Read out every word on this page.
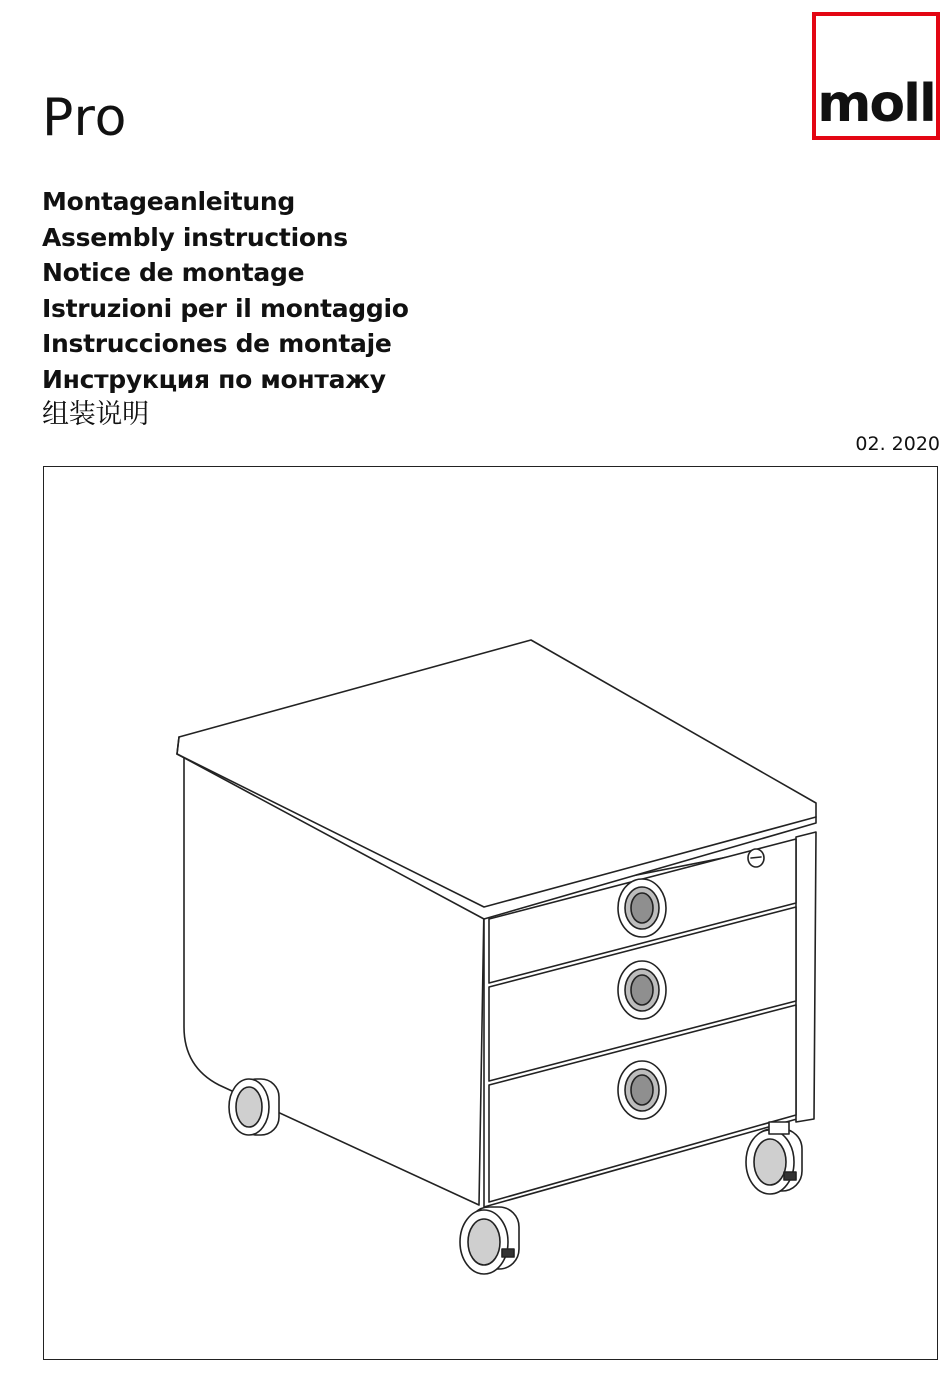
Pro	moll
Montageanleitung
Assembly instructions
Notice de montage
Istruzioni per il montaggio
Instrucciones de montaje
Инструкция по монтажу
组装说明
02. 2020
